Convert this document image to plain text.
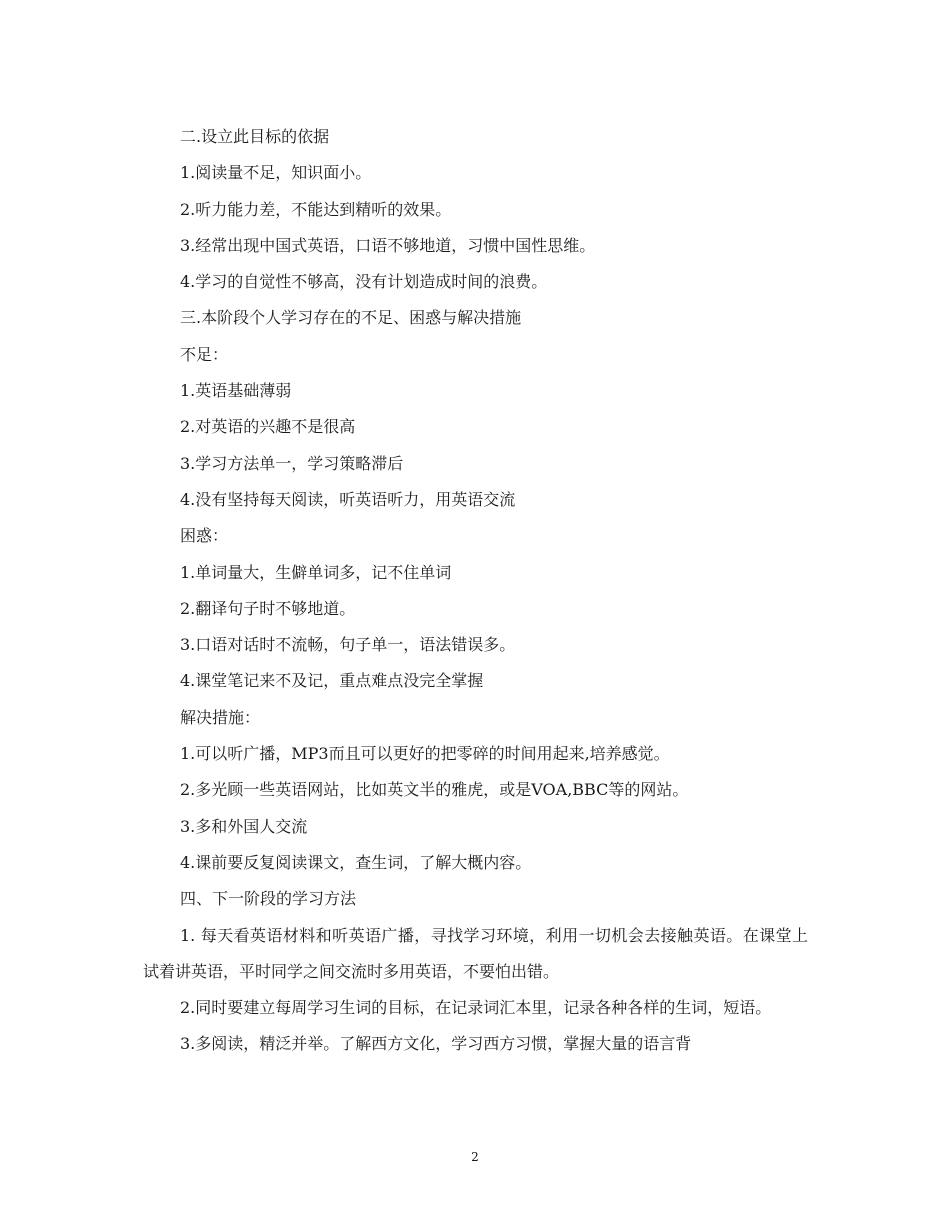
二.设立此目标的依据

1.阅读量不足，知识面小。

2.听力能力差，不能达到精听的效果。

3.经常出现中国式英语，口语不够地道，习惯中国性思维。

4.学习的自觉性不够高，没有计划造成时间的浪费。

三.本阶段个人学习存在的不足、困惑与解决措施

不足：

1.英语基础薄弱

2.对英语的兴趣不是很高

3.学习方法单一，学习策略滞后

4.没有坚持每天阅读，听英语听力，用英语交流

困惑：

1.单词量大，生僻单词多，记不住单词

2.翻译句子时不够地道。

3.口语对话时不流畅，句子单一，语法错误多。

4.课堂笔记来不及记，重点难点没完全掌握

解决措施：

1.可以听广播，MP3而且可以更好的把零碎的时间用起来,培养感觉。

2.多光顾一些英语网站，比如英文半的雅虎，或是VOA,BBC等的网站。

3.多和外国人交流

4.课前要反复阅读课文，查生词，了解大概内容。

四、下一阶段的学习方法

1. 每天看英语材料和听英语广播，寻找学习环境，利用一切机会去接触英语。在课堂上试着讲英语，平时同学之间交流时多用英语，不要怕出错。

2.同时要建立每周学习生词的目标，在记录词汇本里，记录各种各样的生词，短语。

3.多阅读，精泛并举。了解西方文化，学习西方习惯，掌握大量的语言背

2
